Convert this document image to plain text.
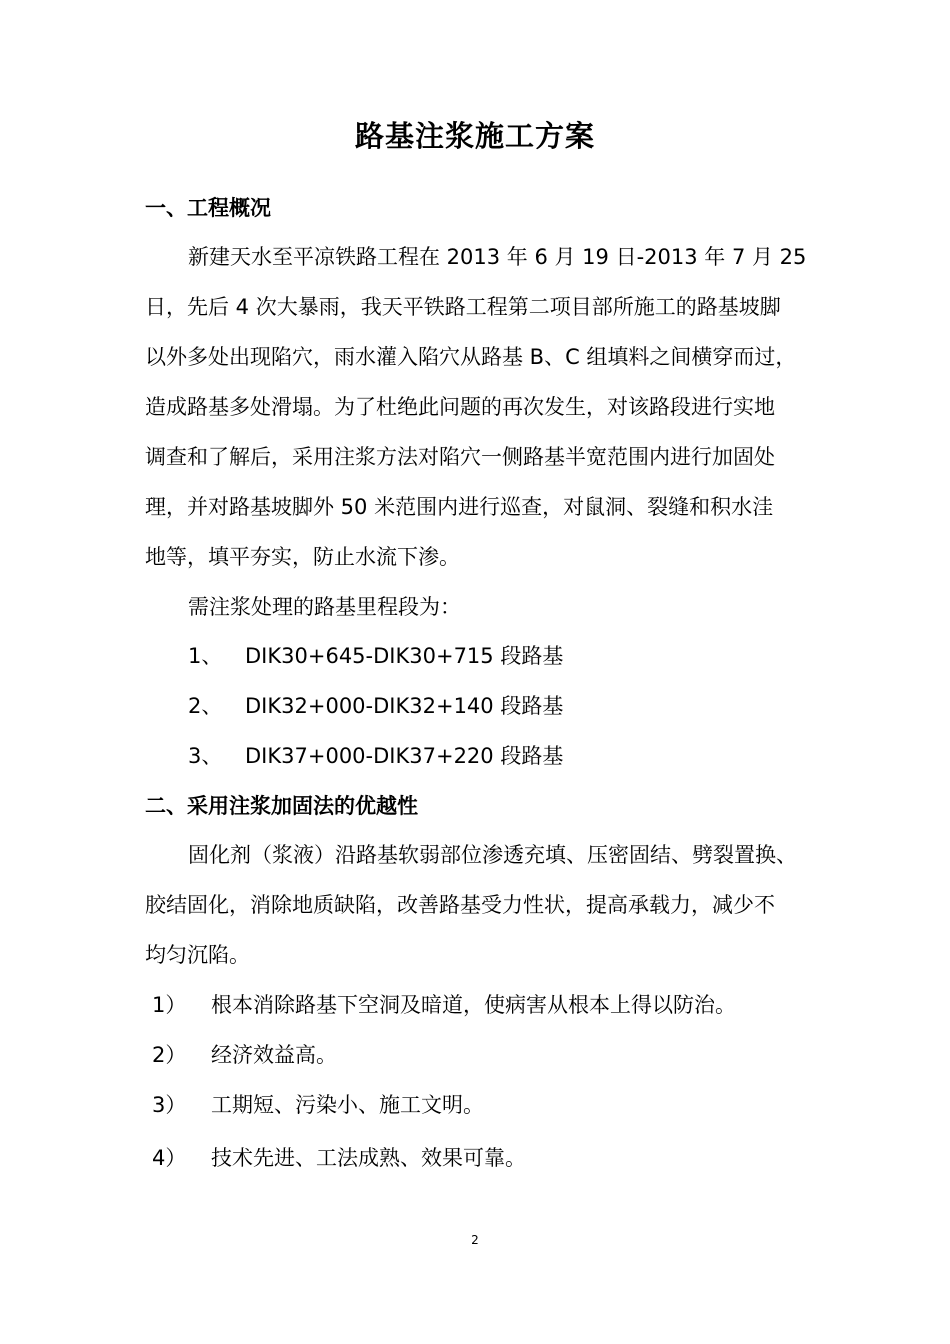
路基注浆施工方案
一、工程概况
新建天水至平凉铁路工程在 2013 年 6 月 19 日-2013 年 7 月 25
日，先后 4 次大暴雨，我天平铁路工程第二项目部所施工的路基坡脚
以外多处出现陷穴，雨水灌入陷穴从路基 B、C 组填料之间横穿而过，
造成路基多处滑塌。为了杜绝此问题的再次发生，对该路段进行实地
调查和了解后，采用注浆方法对陷穴一侧路基半宽范围内进行加固处
理，并对路基坡脚外 50 米范围内进行巡查，对鼠洞、裂缝和积水洼
地等，填平夯实，防止水流下渗。
需注浆处理的路基里程段为：
1、 DIK30+645-DIK30+715 段路基
2、 DIK32+000-DIK32+140 段路基
3、 DIK37+000-DIK37+220 段路基
二、采用注浆加固法的优越性
固化剂（浆液）沿路基软弱部位渗透充填、压密固结、劈裂置换、
胶结固化，消除地质缺陷，改善路基受力性状，提高承载力，减少不
均匀沉陷。
1） 根本消除路基下空洞及暗道，使病害从根本上得以防治。
2） 经济效益高。
3） 工期短、污染小、施工文明。
4） 技术先进、工法成熟、效果可靠。
2
